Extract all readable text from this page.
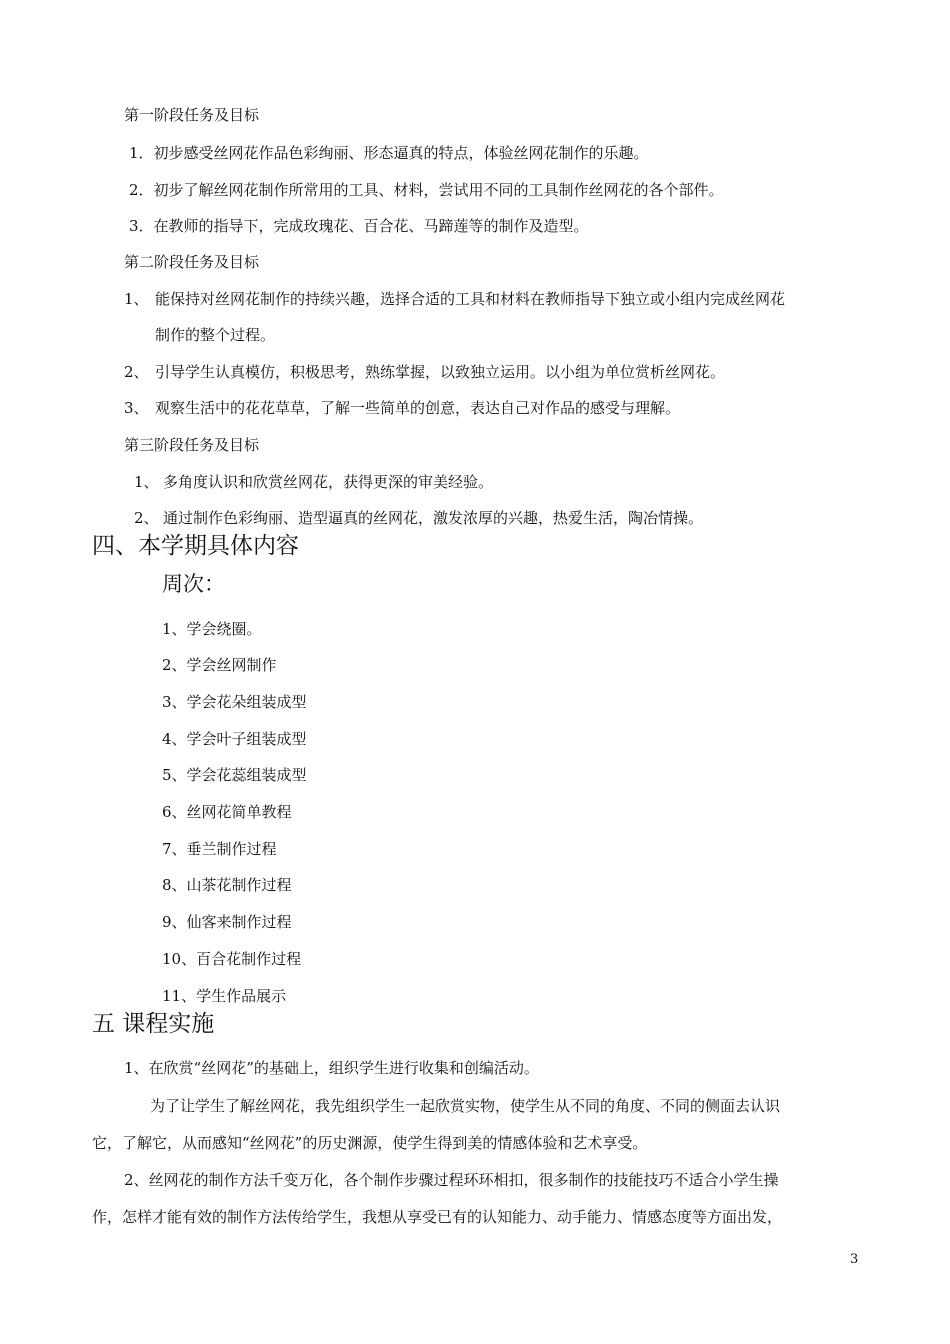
第一阶段任务及目标
1．初步感受丝网花作品色彩绚丽、形态逼真的特点，体验丝网花制作的乐趣。
2．初步了解丝网花制作所常用的工具、材料，尝试用不同的工具制作丝网花的各个部件。
3．在教师的指导下，完成玫瑰花、百合花、马蹄莲等的制作及造型。
第二阶段任务及目标
1、 能保持对丝网花制作的持续兴趣，选择合适的工具和材料在教师指导下独立或小组内完成丝网花
制作的整个过程。
2、 引导学生认真模仿，积极思考，熟练掌握，以致独立运用。以小组为单位赏析丝网花。
3、 观察生活中的花花草草，了解一些简单的创意，表达自己对作品的感受与理解。
第三阶段任务及目标
1、 多角度认识和欣赏丝网花，获得更深的审美经验。
2、 通过制作色彩绚丽、造型逼真的丝网花，激发浓厚的兴趣，热爱生活，陶冶情操。
四、本学期具体内容
周次：
1、学会绕圈。
2、学会丝网制作
3、学会花朵组装成型
4、学会叶子组装成型
5、学会花蕊组装成型
6、丝网花简单教程
7、垂兰制作过程
8、山茶花制作过程
9、仙客来制作过程
10、百合花制作过程
11、学生作品展示
五 课程实施
1、在欣赏“丝网花”的基础上，组织学生进行收集和创编活动。
为了让学生了解丝网花，我先组织学生一起欣赏实物，使学生从不同的角度、不同的侧面去认识
它，了解它，从而感知“丝网花”的历史渊源，使学生得到美的情感体验和艺术享受。
2、丝网花的制作方法千变万化，各个制作步骤过程环环相扣，很多制作的技能技巧不适合小学生操
作，怎样才能有效的制作方法传给学生，我想从享受已有的认知能力、动手能力、情感态度等方面出发，
3
